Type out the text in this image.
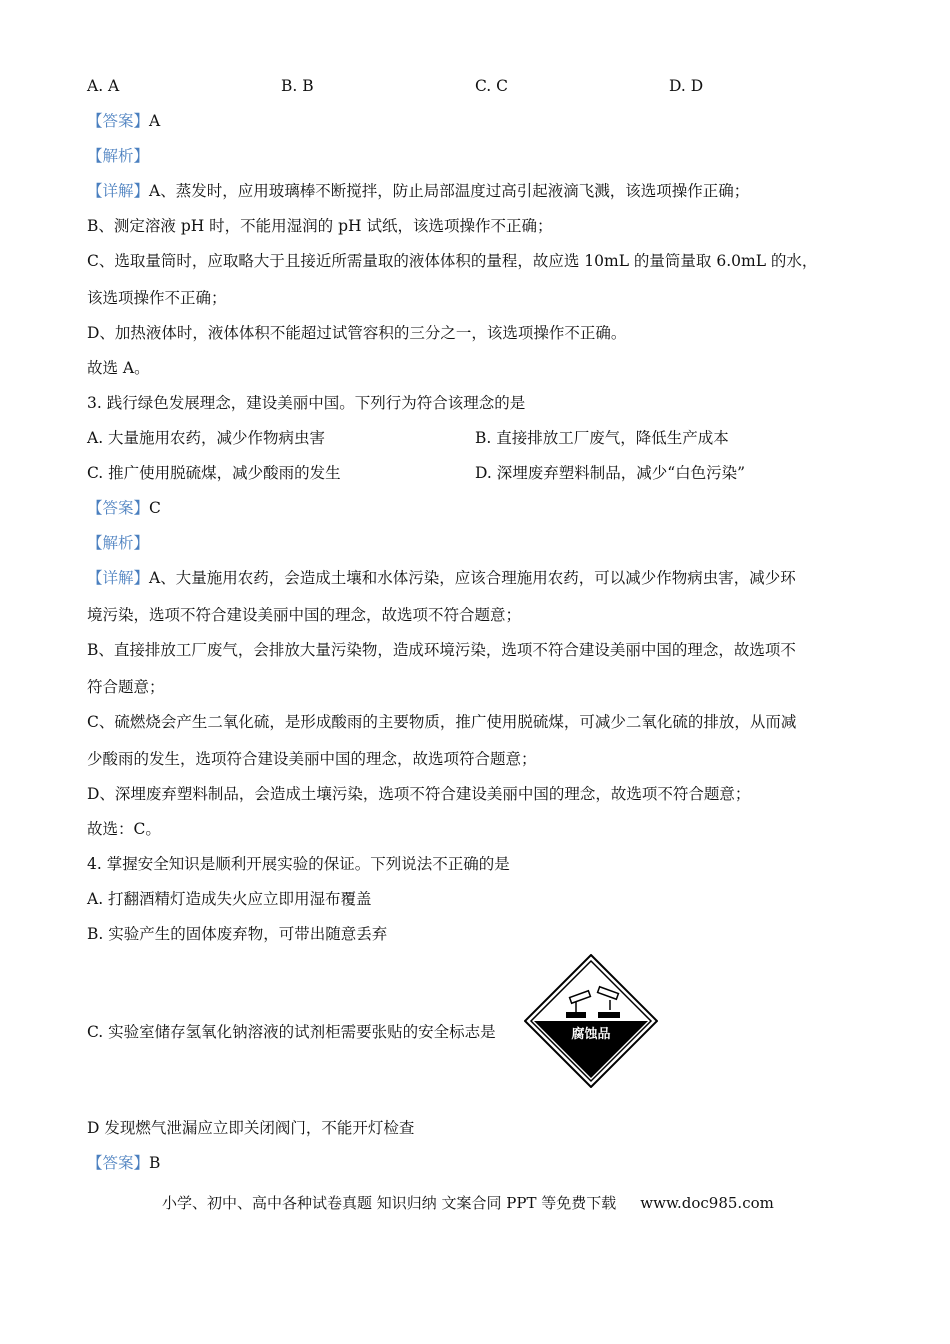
A. A	B. B	C. C	D. D
【答案】A
【解析】
【详解】A、蒸发时，应用玻璃棒不断搅拌，防止局部温度过高引起液滴飞溅，该选项操作正确；
B、测定溶液 pH 时，不能用湿润的 pH 试纸，该选项操作不正确；
C、选取量筒时，应取略大于且接近所需量取的液体体积的量程，故应选 10mL 的量筒量取 6.0mL 的水，
该选项操作不正确；
D、加热液体时，液体体积不能超过试管容积的三分之一，该选项操作不正确。
故选 A。
3. 践行绿色发展理念，建设美丽中国。下列行为符合该理念的是
A. 大量施用农药，减少作物病虫害	B. 直接排放工厂废气，降低生产成本
C. 推广使用脱硫煤，减少酸雨的发生	D. 深埋废弃塑料制品，减少“白色污染”
【答案】C
【解析】
【详解】A、大量施用农药，会造成土壤和水体污染，应该合理施用农药，可以减少作物病虫害，减少环
境污染，选项不符合建设美丽中国的理念，故选项不符合题意；
B、直接排放工厂废气，会排放大量污染物，造成环境污染，选项不符合建设美丽中国的理念，故选项不
符合题意；
C、硫燃烧会产生二氧化硫，是形成酸雨的主要物质，推广使用脱硫煤，可减少二氧化硫的排放，从而减
少酸雨的发生，选项符合建设美丽中国的理念，故选项符合题意；
D、深埋废弃塑料制品，会造成土壤污染，选项不符合建设美丽中国的理念，故选项不符合题意；
故选：C。
4. 掌握安全知识是顺利开展实验的保证。下列说法不正确的是
A. 打翻酒精灯造成失火应立即用湿布覆盖
B. 实验产生的固体废弃物，可带出随意丢弃
C. 实验室储存氢氧化钠溶液的试剂柜需要张贴的安全标志是	腐蚀品
D 发现燃气泄漏应立即关闭阀门，不能开灯检查
【答案】B
小学、初中、高中各种试卷真题 知识归纳 文案合同 PPT 等免费下载 www.doc985.com
